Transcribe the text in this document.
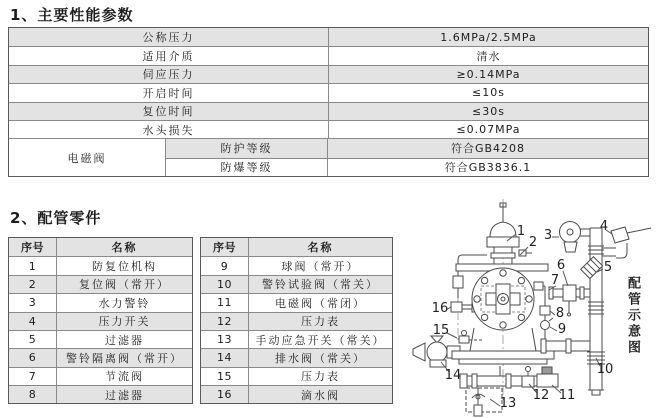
1、主要性能参数
公称压力	1.6MPa/2.5MPa
适用介质	清水
伺应压力	≥0.14MPa
开启时间	≤10s
复位时间	≤30s
水头损失	≤0.07MPa
电磁阀
防护等级	符合GB4208
防爆等级	符合GB3836.1
2、配管零件
序号	名称
1	防复位机构
2	复位阀（常开）
3	水力警铃
4	压力开关
5	过滤器
6	警铃隔离阀（常开）
7	节流阀
8	过滤器
序号	名称
9	球阀（常开）
10	警铃试验阀（常关）
11	电磁阀（常闭）
12	压力表
13	手动应急开关（常关）
14	排水阀（常关）
15	压力表
16	滴水阀
1
2 3
4
5
6
7
8
9
10
11
12
13
14
15
16	配管示意图
